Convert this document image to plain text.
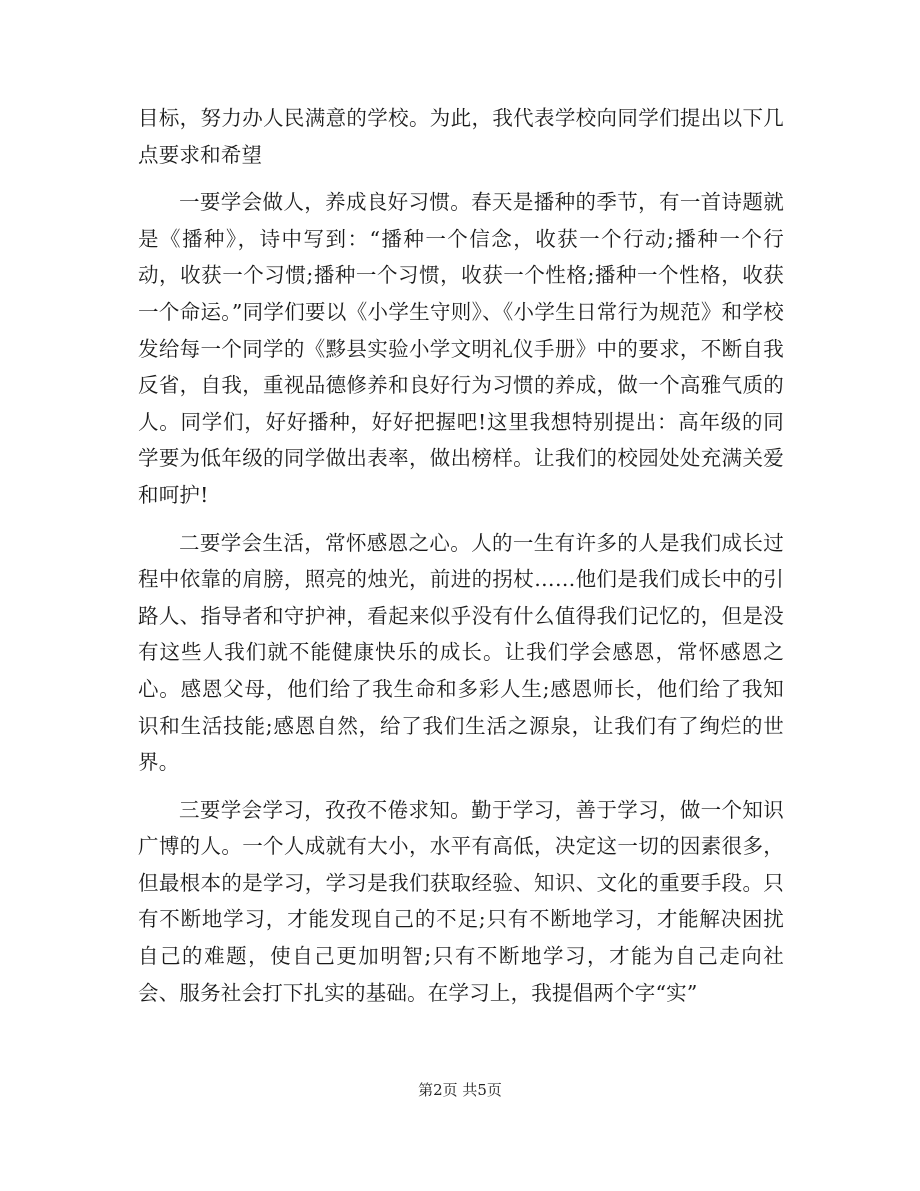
目标，努力办人民满意的学校。为此，我代表学校向同学们提出以下几点要求和希望

一要学会做人，养成良好习惯。春天是播种的季节，有一首诗题就是《播种》，诗中写到：“播种一个信念，收获一个行动;播种一个行动，收获一个习惯;播种一个习惯，收获一个性格;播种一个性格，收获一个命运。”同学们要以《小学生守则》、《小学生日常行为规范》和学校发给每一个同学的《黟县实验小学文明礼仪手册》中的要求，不断自我反省，自我，重视品德修养和良好行为习惯的养成，做一个高雅气质的人。同学们，好好播种，好好把握吧!这里我想特别提出：高年级的同学要为低年级的同学做出表率，做出榜样。让我们的校园处处充满关爱和呵护!

二要学会生活，常怀感恩之心。人的一生有许多的人是我们成长过程中依靠的肩膀，照亮的烛光，前进的拐杖……他们是我们成长中的引路人、指导者和守护神，看起来似乎没有什么值得我们记忆的，但是没有这些人我们就不能健康快乐的成长。让我们学会感恩，常怀感恩之心。感恩父母，他们给了我生命和多彩人生;感恩师长，他们给了我知识和生活技能;感恩自然，给了我们生活之源泉，让我们有了绚烂的世界。

三要学会学习，孜孜不倦求知。勤于学习，善于学习，做一个知识广博的人。一个人成就有大小，水平有高低，决定这一切的因素很多，但最根本的是学习，学习是我们获取经验、知识、文化的重要手段。只有不断地学习，才能发现自己的不足;只有不断地学习，才能解决困扰自己的难题，使自己更加明智;只有不断地学习，才能为自己走向社会、服务社会打下扎实的基础。在学习上，我提倡两个字“实”

第2页 共5页
